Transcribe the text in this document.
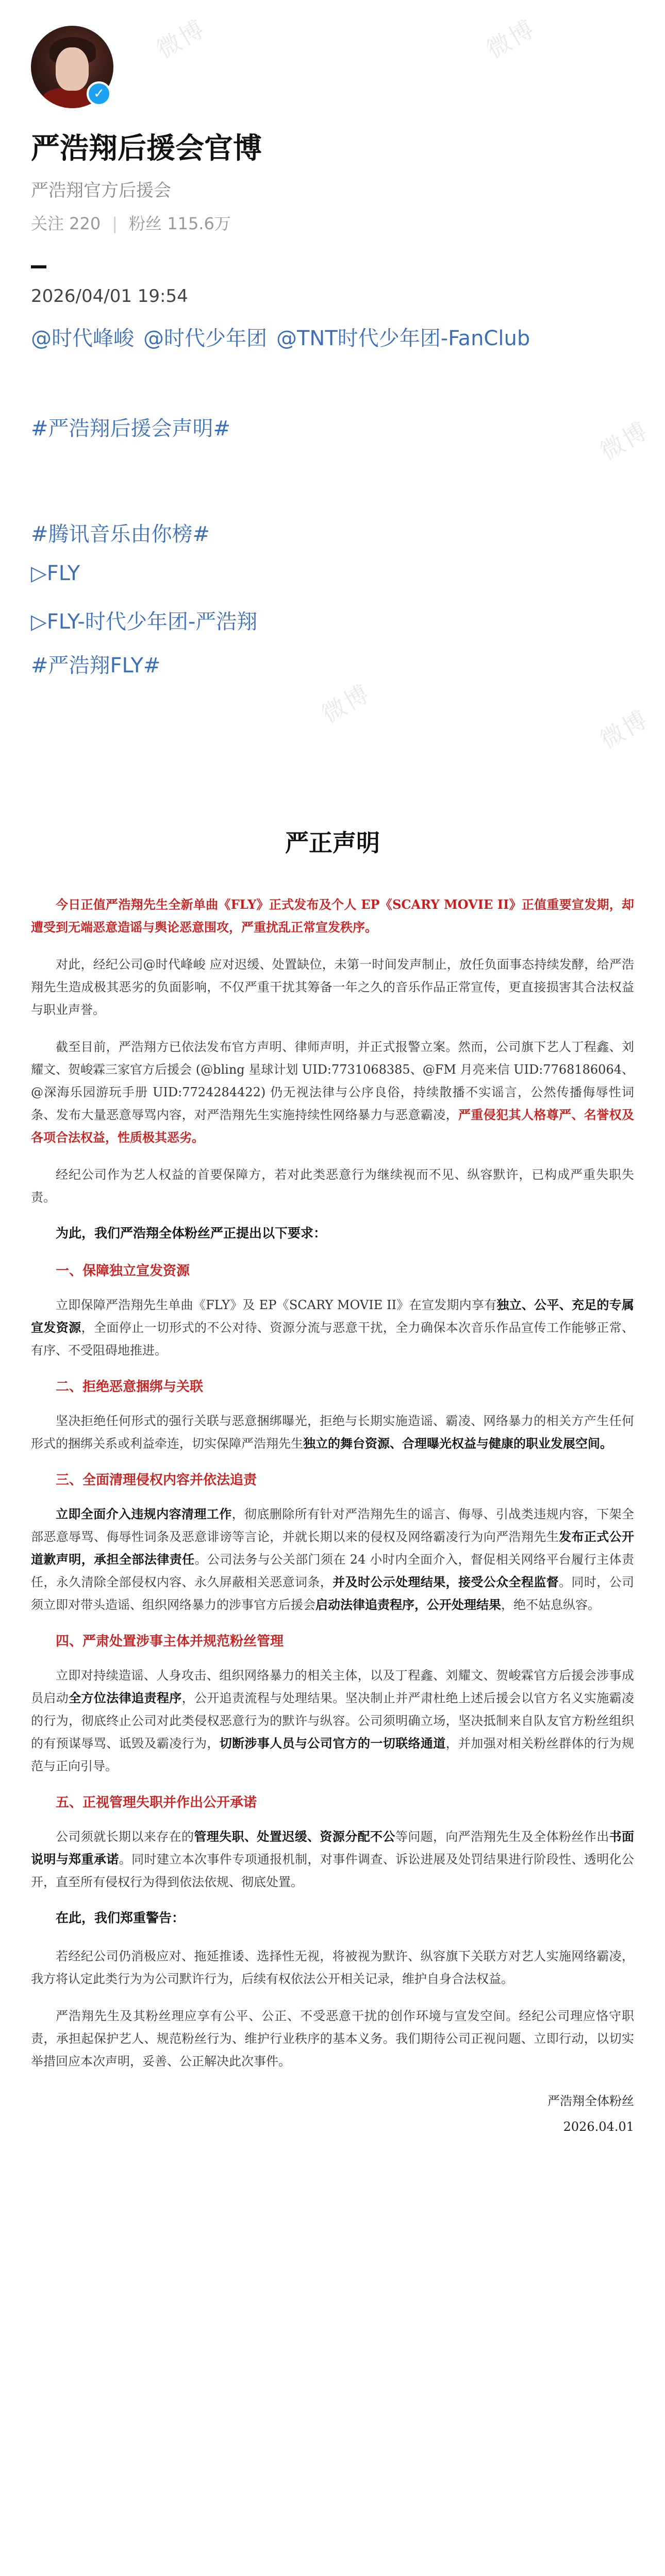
微博	微博
微博
微博
微博
✓
严浩翔后援会官博
严浩翔官方后援会
关注 220 | 粉丝 115.6万
2026/04/01 19:54
@时代峰峻 @时代少年团 @TNT时代少年团-FanClub
#严浩翔后援会声明#
#腾讯音乐由你榜#
▷FLY
▷FLY-时代少年团-严浩翔
#严浩翔FLY#
严正声明

今日正值严浩翔先生全新单曲《FLY》正式发布及个人 EP《SCARY MOVIE II》正值重要宣发期，却遭受到无端恶意造谣与舆论恶意围攻，严重扰乱正常宣发秩序。

对此，经纪公司@时代峰峻 应对迟缓、处置缺位，未第一时间发声制止，放任负面事态持续发酵，给严浩翔先生造成极其恶劣的负面影响，不仅严重干扰其筹备一年之久的音乐作品正常宣传，更直接损害其合法权益与职业声誉。

截至目前，严浩翔方已依法发布官方声明、律师声明，并正式报警立案。然而，公司旗下艺人丁程鑫、刘耀文、贺峻霖三家官方后援会 (@bling 星球计划 UID:7731068385、@FM 月亮来信 UID:7768186064、@深海乐园游玩手册 UID:7724284422) 仍无视法律与公序良俗，持续散播不实谣言，公然传播侮辱性词条、发布大量恶意辱骂内容，对严浩翔先生实施持续性网络暴力与恶意霸凌，严重侵犯其人格尊严、名誉权及各项合法权益，性质极其恶劣。

经纪公司作为艺人权益的首要保障方，若对此类恶意行为继续视而不见、纵容默许，已构成严重失职失责。

为此，我们严浩翔全体粉丝严正提出以下要求：
一、保障独立宣发资源

立即保障严浩翔先生单曲《FLY》及 EP《SCARY MOVIE II》在宣发期内享有独立、公平、充足的专属宣发资源，全面停止一切形式的不公对待、资源分流与恶意干扰，全力确保本次音乐作品宣传工作能够正常、有序、不受阻碍地推进。

二、拒绝恶意捆绑与关联

坚决拒绝任何形式的强行关联与恶意捆绑曝光，拒绝与长期实施造谣、霸凌、网络暴力的相关方产生任何形式的捆绑关系或利益牵连，切实保障严浩翔先生独立的舞台资源、合理曝光权益与健康的职业发展空间。

三、全面清理侵权内容并依法追责

立即全面介入违规内容清理工作，彻底删除所有针对严浩翔先生的谣言、侮辱、引战类违规内容，下架全部恶意辱骂、侮辱性词条及恶意诽谤等言论，并就长期以来的侵权及网络霸凌行为向严浩翔先生发布正式公开道歉声明，承担全部法律责任。公司法务与公关部门须在 24 小时内全面介入，督促相关网络平台履行主体责任，永久清除全部侵权内容、永久屏蔽相关恶意词条，并及时公示处理结果，接受公众全程监督。同时，公司须立即对带头造谣、组织网络暴力的涉事官方后援会启动法律追责程序，公开处理结果，绝不姑息纵容。

四、严肃处置涉事主体并规范粉丝管理

立即对持续造谣、人身攻击、组织网络暴力的相关主体，以及丁程鑫、刘耀文、贺峻霖官方后援会涉事成员启动全方位法律追责程序，公开追责流程与处理结果。坚决制止并严肃杜绝上述后援会以官方名义实施霸凌的行为，彻底终止公司对此类侵权恶意行为的默许与纵容。公司须明确立场，坚决抵制来自队友官方粉丝组织的有预谋辱骂、诋毁及霸凌行为，切断涉事人员与公司官方的一切联络通道，并加强对相关粉丝群体的行为规范与正向引导。

五、正视管理失职并作出公开承诺

公司须就长期以来存在的管理失职、处置迟缓、资源分配不公等问题，向严浩翔先生及全体粉丝作出书面说明与郑重承诺。同时建立本次事件专项通报机制，对事件调查、诉讼进展及处罚结果进行阶段性、透明化公开，直至所有侵权行为得到依法依规、彻底处置。

在此，我们郑重警告：

若经纪公司仍消极应对、拖延推诿、选择性无视，将被视为默许、纵容旗下关联方对艺人实施网络霸凌，我方将认定此类行为为公司默许行为，后续有权依法公开相关记录，维护自身合法权益。

严浩翔先生及其粉丝理应享有公平、公正、不受恶意干扰的创作环境与宣发空间。经纪公司理应恪守职责，承担起保护艺人、规范粉丝行为、维护行业秩序的基本义务。我们期待公司正视问题、立即行动，以切实举措回应本次声明，妥善、公正解决此次事件。

严浩翔全体粉丝
2026.04.01
